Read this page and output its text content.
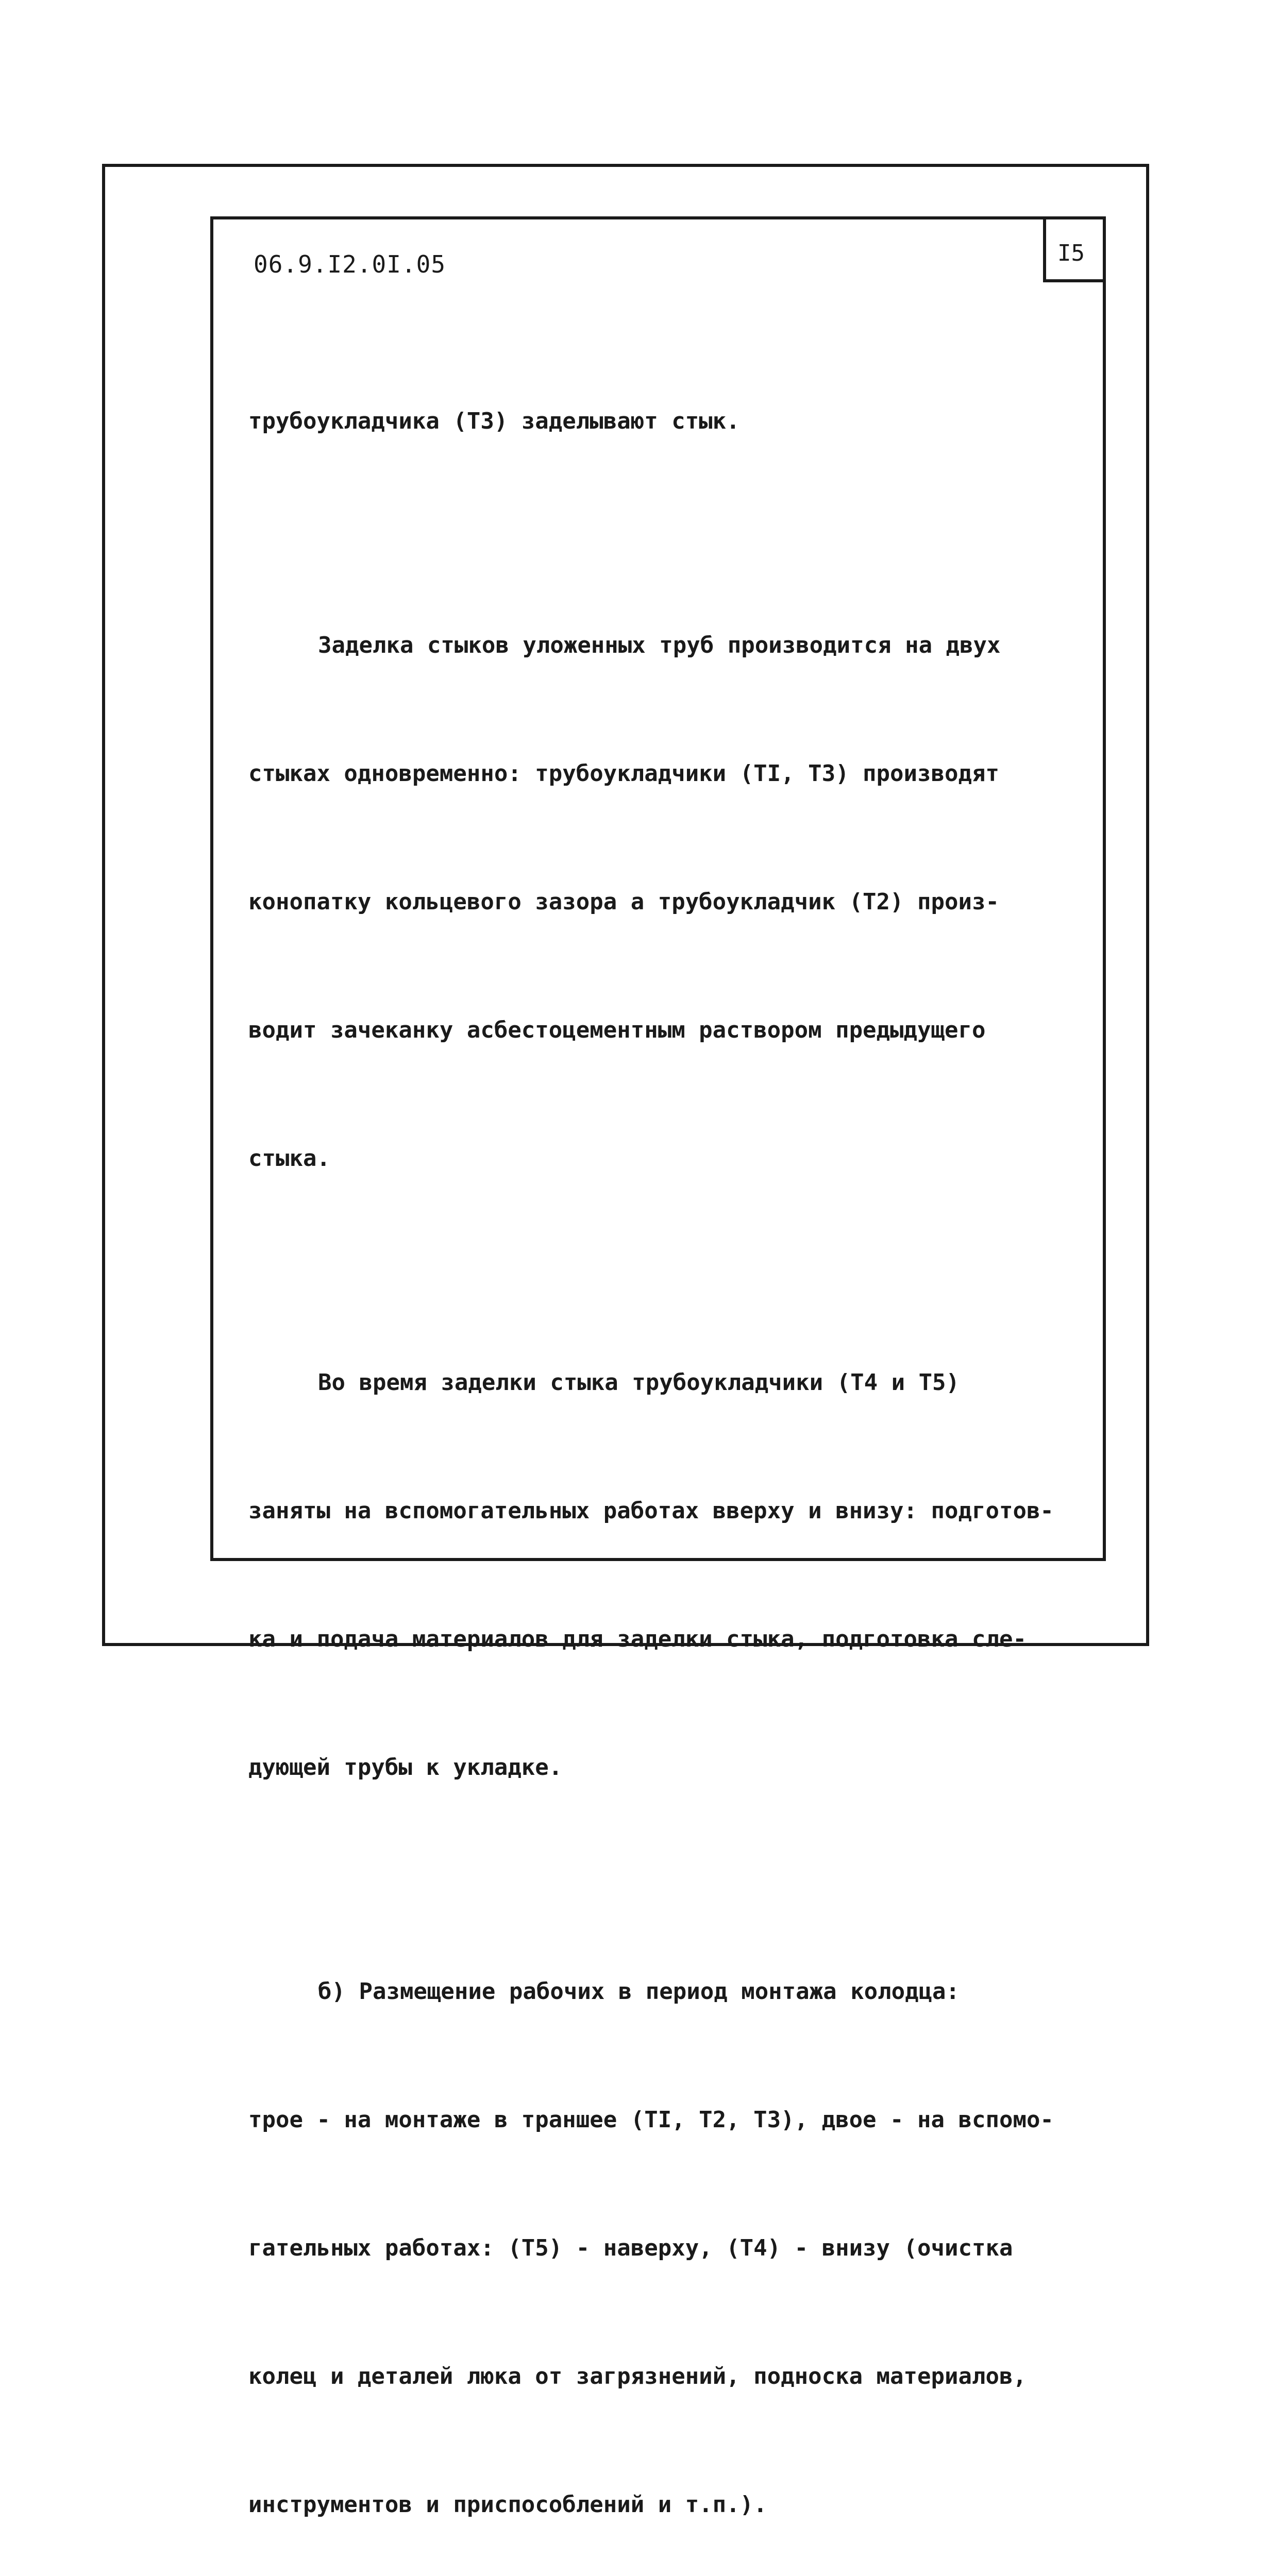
I5
06.9.I2.0I.05

трубоукладчика (Т3) заделывают стык.

Заделка стыков уложенных труб производится на двух

стыках одновременно: трубоукладчики (ТI, Т3) производят

конопатку кольцевого зазора а трубоукладчик (Т2) произ-

водит зачеканку асбестоцементным раствором предыдущего

стыка.

Во время заделки стыка трубоукладчики (Т4 и Т5)

заняты на вспомогательных работах вверху и внизу: подготов-

ка и подача материалов для заделки стыка, подготовка сле-

дующей трубы к укладке.

б) Размещение рабочих в период монтажа колодца:

трое - на монтаже в траншее (ТI, Т2, Т3), двое - на вспомо-

гательных работах: (Т5) - наверху, (Т4) - внизу (очистка

колец и деталей люка от загрязнений, подноска материалов,

инструментов и приспособлений и т.п.).
